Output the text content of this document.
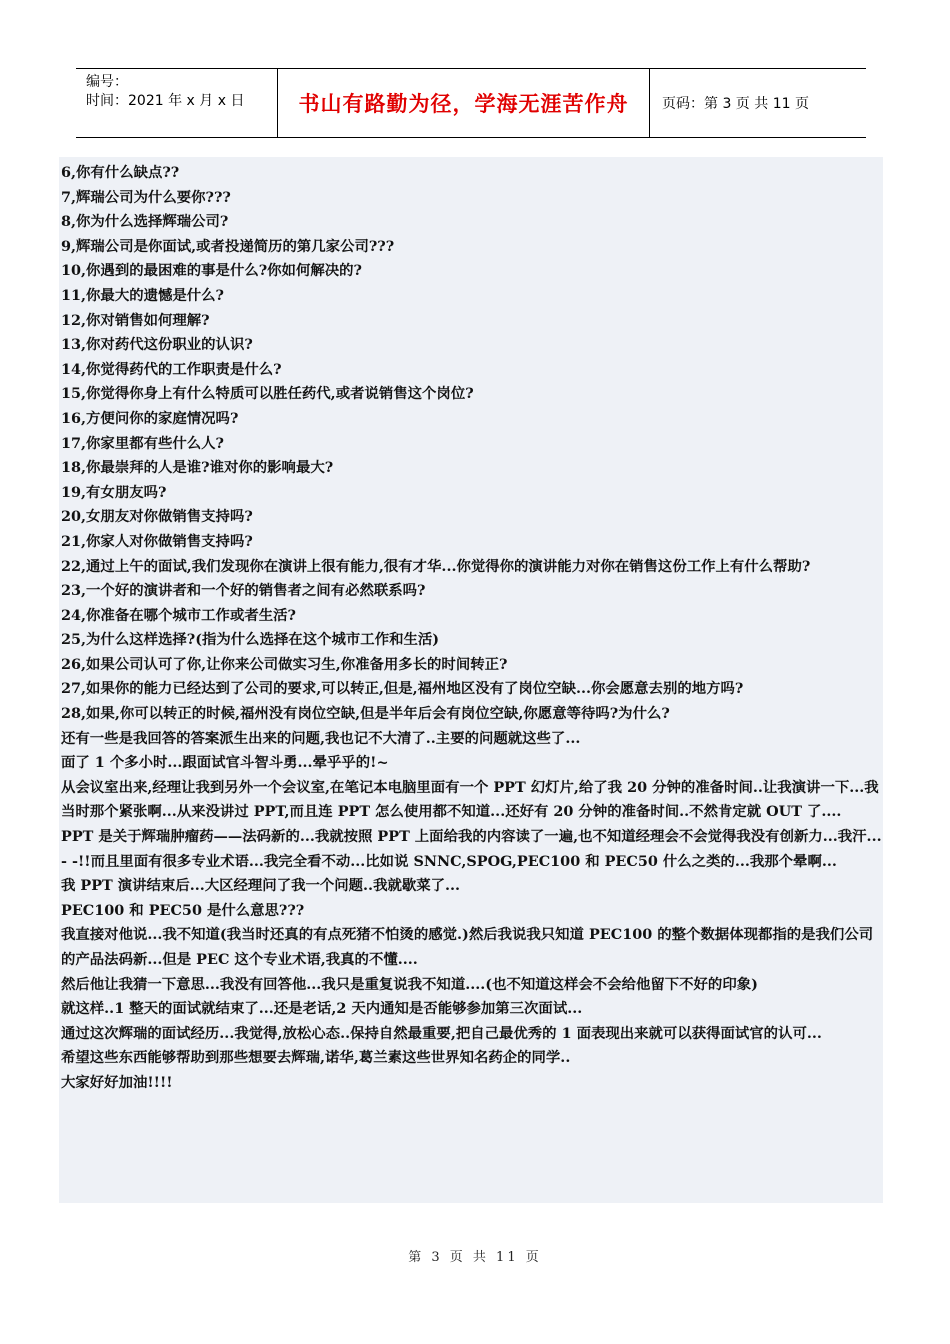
编号：
时间：2021 年 x 月 x 日	书山有路勤为径，学海无涯苦作舟	页码：第 3 页 共 11 页

6,你有什么缺点??

7,辉瑞公司为什么要你???

8,你为什么选择辉瑞公司?

9,辉瑞公司是你面试,或者投递简历的第几家公司???

10,你遇到的最困难的事是什么?你如何解决的?

11,你最大的遗憾是什么?

12,你对销售如何理解?

13,你对药代这份职业的认识?

14,你觉得药代的工作职责是什么?

15,你觉得你身上有什么特质可以胜任药代,或者说销售这个岗位?

16,方便问你的家庭情况吗?

17,你家里都有些什么人?

18,你最崇拜的人是谁?谁对你的影响最大?

19,有女朋友吗?

20,女朋友对你做销售支持吗?

21,你家人对你做销售支持吗?

22,通过上午的面试,我们发现你在演讲上很有能力,很有才华...你觉得你的演讲能力对你在销售这份工作上有什么帮助?

23,一个好的演讲者和一个好的销售者之间有必然联系吗?

24,你准备在哪个城市工作或者生活?

25,为什么这样选择?(指为什么选择在这个城市工作和生活)

26,如果公司认可了你,让你来公司做实习生,你准备用多长的时间转正?

27,如果你的能力已经达到了公司的要求,可以转正,但是,福州地区没有了岗位空缺...你会愿意去别的地方吗?

28,如果,你可以转正的时候,福州没有岗位空缺,但是半年后会有岗位空缺,你愿意等待吗?为什么?

还有一些是我回答的答案派生出来的问题,我也记不大清了..主要的问题就这些了...

面了 1 个多小时...跟面试官斗智斗勇...晕乎乎的!~

从会议室出来,经理让我到另外一个会议室,在笔记本电脑里面有一个 PPT 幻灯片,给了我 20 分钟的准备时间..让我演讲一下...我当时那个紧张啊...从来没讲过 PPT,而且连 PPT 怎么使用都不知道...还好有 20 分钟的准备时间..不然肯定就 OUT 了....

PPT 是关于辉瑞肿瘤药——法码新的...我就按照 PPT 上面给我的内容读了一遍,也不知道经理会不会觉得我没有创新力...我汗...- -!!而且里面有很多专业术语...我完全看不动...比如说 SNNC,SPOG,PEC100 和 PEC50 什么之类的...我那个晕啊...

我 PPT 演讲结束后...大区经理问了我一个问题..我就歇菜了...

PEC100 和 PEC50 是什么意思???

我直接对他说...我不知道(我当时还真的有点死猪不怕烫的感觉.)然后我说我只知道 PEC100 的整个数据体现都指的是我们公司的产品法码新...但是 PEC 这个专业术语,我真的不懂....

然后他让我猜一下意思...我没有回答他...我只是重复说我不知道....(也不知道这样会不会给他留下不好的印象)

就这样..1 整天的面试就结束了...还是老话,2 天内通知是否能够参加第三次面试...

通过这次辉瑞的面试经历...我觉得,放松心态..保持自然最重要,把自己最优秀的 1 面表现出来就可以获得面试官的认可...

希望这些东西能够帮助到那些想要去辉瑞,诺华,葛兰素这些世界知名药企的同学..

大家好好加油!!!!

第 3 页 共 11 页
